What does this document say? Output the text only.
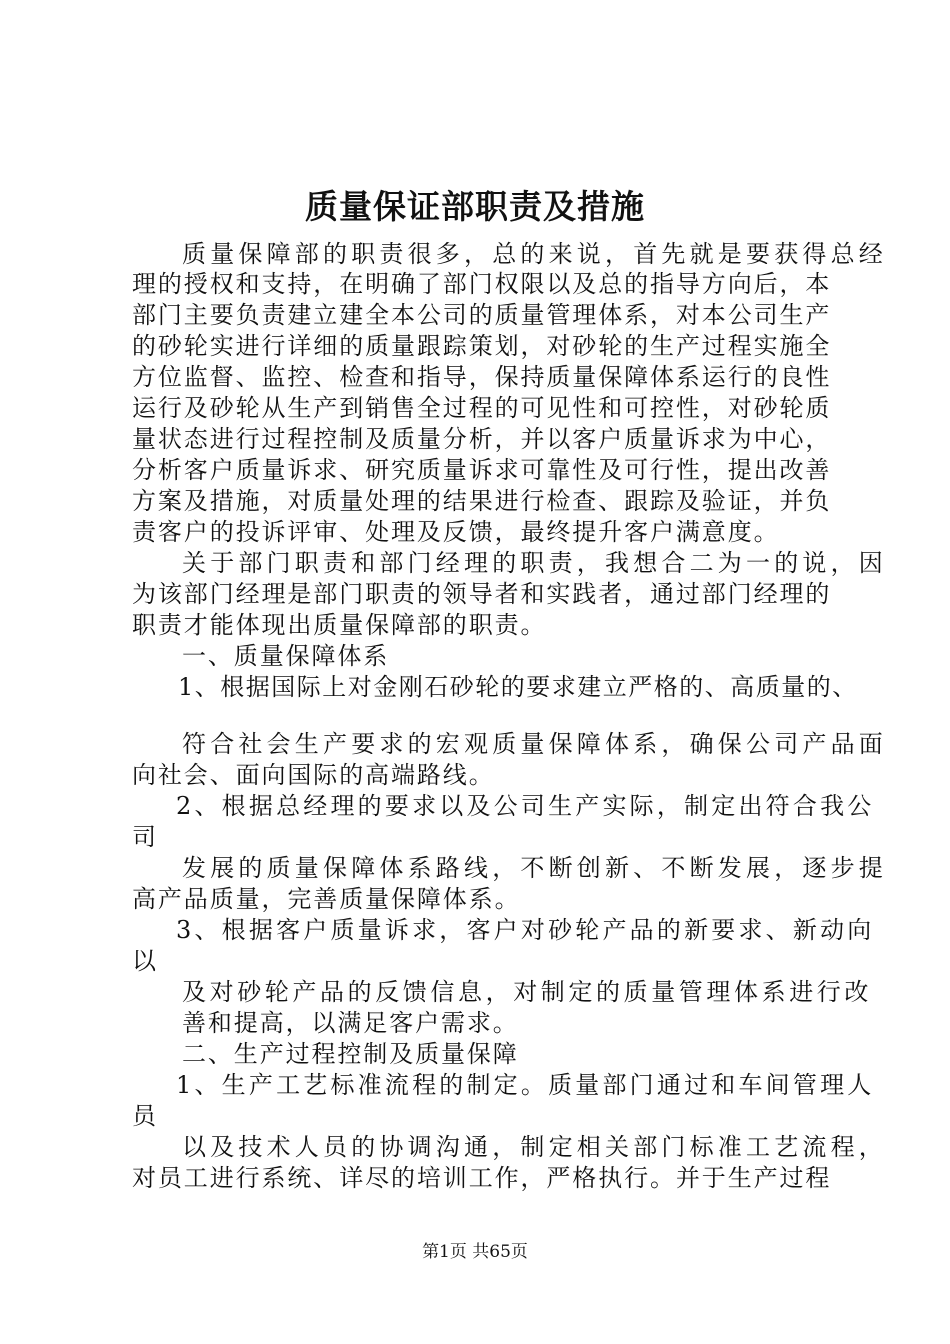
质量保证部职责及措施
质量保障部的职责很多，总的来说，首先就是要获得总经
理的授权和支持，在明确了部门权限以及总的指导方向后，本
部门主要负责建立建全本公司的质量管理体系，对本公司生产
的砂轮实进行详细的质量跟踪策划，对砂轮的生产过程实施全
方位监督、监控、检查和指导，保持质量保障体系运行的良性
运行及砂轮从生产到销售全过程的可见性和可控性，对砂轮质
量状态进行过程控制及质量分析，并以客户质量诉求为中心，
分析客户质量诉求、研究质量诉求可靠性及可行性，提出改善
方案及措施，对质量处理的结果进行检查、跟踪及验证，并负
责客户的投诉评审、处理及反馈，最终提升客户满意度。
关于部门职责和部门经理的职责，我想合二为一的说，因
为该部门经理是部门职责的领导者和实践者，通过部门经理的
职责才能体现出质量保障部的职责。
一、质量保障体系
1、根据国际上对金刚石砂轮的要求建立严格的、高质量的、
符合社会生产要求的宏观质量保障体系，确保公司产品面
向社会、面向国际的高端路线。
2、根据总经理的要求以及公司生产实际，制定出符合我公
司
发展的质量保障体系路线，不断创新、不断发展，逐步提
高产品质量，完善质量保障体系。
3、根据客户质量诉求，客户对砂轮产品的新要求、新动向
以
及对砂轮产品的反馈信息，对制定的质量管理体系进行改
善和提高，以满足客户需求。
二、生产过程控制及质量保障
1、生产工艺标准流程的制定。质量部门通过和车间管理人
员
以及技术人员的协调沟通，制定相关部门标准工艺流程，
对员工进行系统、详尽的培训工作，严格执行。并于生产过程
第1页 共65页
